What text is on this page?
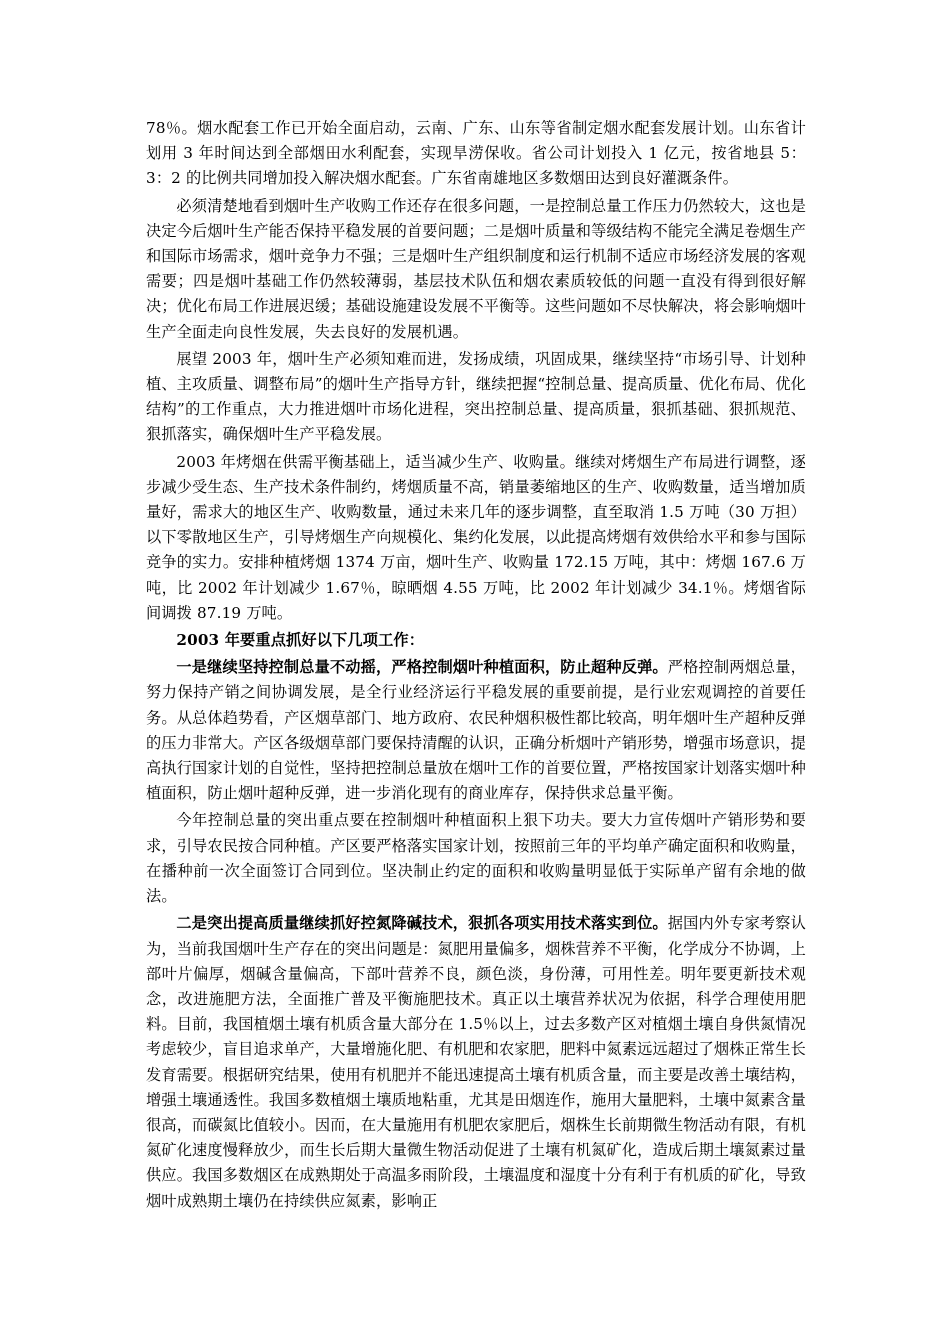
78％。烟水配套工作已开始全面启动，云南、广东、山东等省制定烟水配套发展计划。山东省计划用 3 年时间达到全部烟田水利配套，实现旱涝保收。省公司计划投入 1 亿元，按省地县 5：3：2 的比例共同增加投入解决烟水配套。广东省南雄地区多数烟田达到良好灌溉条件。

必须清楚地看到烟叶生产收购工作还存在很多问题，一是控制总量工作压力仍然较大，这也是决定今后烟叶生产能否保持平稳发展的首要问题；二是烟叶质量和等级结构不能完全满足卷烟生产和国际市场需求，烟叶竞争力不强；三是烟叶生产组织制度和运行机制不适应市场经济发展的客观需要；四是烟叶基础工作仍然较薄弱，基层技术队伍和烟农素质较低的问题一直没有得到很好解决；优化布局工作进展迟缓；基础设施建设发展不平衡等。这些问题如不尽快解决，将会影响烟叶生产全面走向良性发展，失去良好的发展机遇。

展望 2003 年，烟叶生产必须知难而进，发扬成绩，巩固成果，继续坚持“市场引导、计划种植、主攻质量、调整布局”的烟叶生产指导方针，继续把握“控制总量、提高质量、优化布局、优化结构”的工作重点，大力推进烟叶市场化进程，突出控制总量、提高质量，狠抓基础、狠抓规范、狠抓落实，确保烟叶生产平稳发展。

2003 年烤烟在供需平衡基础上，适当减少生产、收购量。继续对烤烟生产布局进行调整，逐步减少受生态、生产技术条件制约，烤烟质量不高，销量萎缩地区的生产、收购数量，适当增加质量好，需求大的地区生产、收购数量，通过未来几年的逐步调整，直至取消 1.5 万吨（30 万担）以下零散地区生产，引导烤烟生产向规模化、集约化发展，以此提高烤烟有效供给水平和参与国际竞争的实力。安排种植烤烟 1374 万亩，烟叶生产、收购量 172.15 万吨，其中：烤烟 167.6 万吨，比 2002 年计划减少 1.67％，晾晒烟 4.55 万吨，比 2002 年计划减少 34.1％。烤烟省际间调拨 87.19 万吨。

2003 年要重点抓好以下几项工作：

一是继续坚持控制总量不动摇，严格控制烟叶种植面积，防止超种反弹。严格控制两烟总量，努力保持产销之间协调发展，是全行业经济运行平稳发展的重要前提，是行业宏观调控的首要任务。从总体趋势看，产区烟草部门、地方政府、农民种烟积极性都比较高，明年烟叶生产超种反弹的压力非常大。产区各级烟草部门要保持清醒的认识，正确分析烟叶产销形势，增强市场意识，提高执行国家计划的自觉性，坚持把控制总量放在烟叶工作的首要位置，严格按国家计划落实烟叶种植面积，防止烟叶超种反弹，进一步消化现有的商业库存，保持供求总量平衡。

今年控制总量的突出重点要在控制烟叶种植面积上狠下功夫。要大力宣传烟叶产销形势和要求，引导农民按合同种植。产区要严格落实国家计划，按照前三年的平均单产确定面积和收购量，在播种前一次全面签订合同到位。坚决制止约定的面积和收购量明显低于实际单产留有余地的做法。

二是突出提高质量继续抓好控氮降碱技术，狠抓各项实用技术落实到位。据国内外专家考察认为，当前我国烟叶生产存在的突出问题是：氮肥用量偏多，烟株营养不平衡，化学成分不协调，上部叶片偏厚，烟碱含量偏高，下部叶营养不良，颜色淡，身份薄，可用性差。明年要更新技术观念，改进施肥方法，全面推广普及平衡施肥技术。真正以土壤营养状况为依据，科学合理使用肥料。目前，我国植烟土壤有机质含量大部分在 1.5％以上，过去多数产区对植烟土壤自身供氮情况考虑较少，盲目追求单产，大量增施化肥、有机肥和农家肥，肥料中氮素远远超过了烟株正常生长发育需要。根据研究结果，使用有机肥并不能迅速提高土壤有机质含量，而主要是改善土壤结构，增强土壤通透性。我国多数植烟土壤质地粘重，尤其是田烟连作，施用大量肥料，土壤中氮素含量很高，而碳氮比值较小。因而，在大量施用有机肥农家肥后，烟株生长前期微生物活动有限，有机氮矿化速度慢释放少，而生长后期大量微生物活动促进了土壤有机氮矿化，造成后期土壤氮素过量供应。我国多数烟区在成熟期处于高温多雨阶段，土壤温度和湿度十分有利于有机质的矿化，导致烟叶成熟期土壤仍在持续供应氮素，影响正
